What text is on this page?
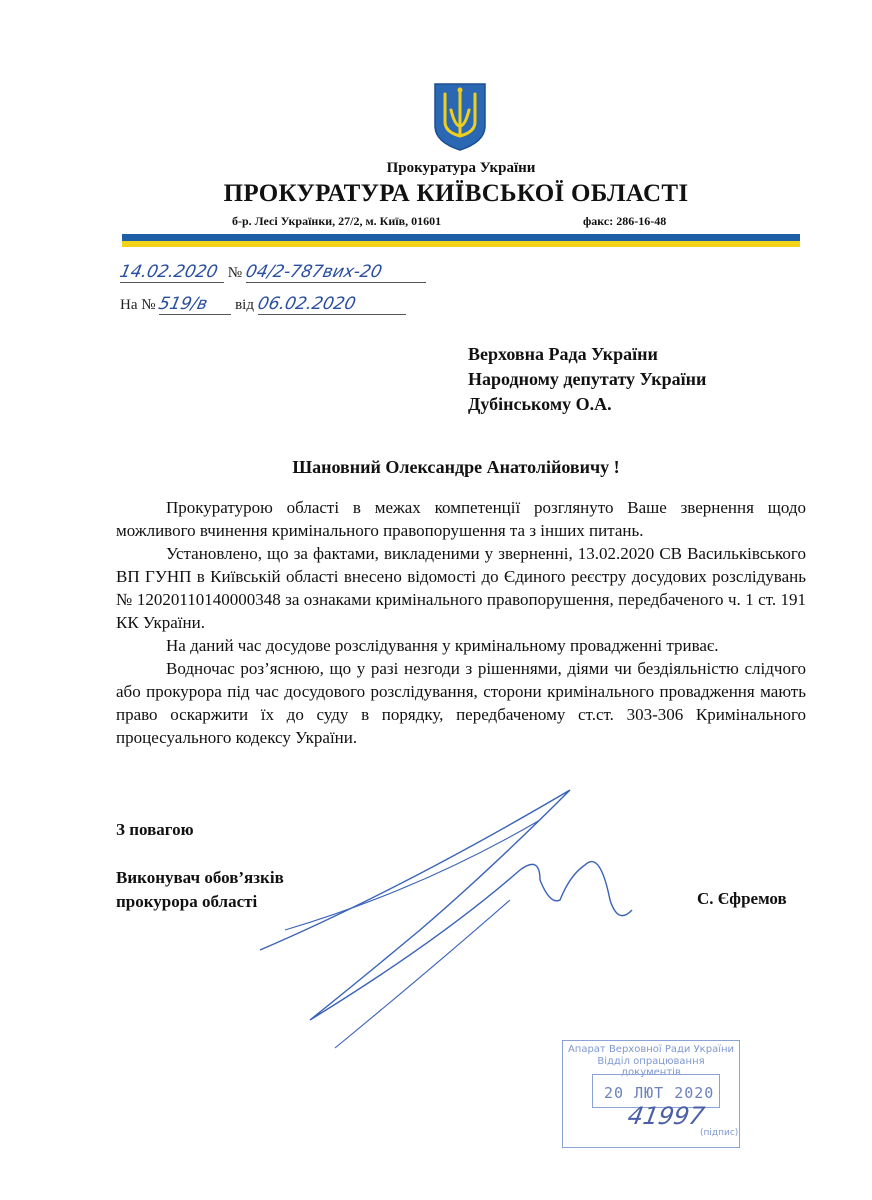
Прокуратура України
ПРОКУРАТУРА КИЇВСЬКОЇ ОБЛАСТІ
б-р. Лесі Українки, 27/2, м. Київ, 01601	факс: 286-16-48
14.02.2020 № 04/2-787вих-20
На № 519/в від 06.02.2020
Верховна Рада України
Народному депутату України
Дубінському О.А.
Шановний Олександре Анатолійовичу !

Прокуратурою області в межах компетенції розглянуто Ваше звернення щодо можливого вчинення кримінального правопорушення та з інших питань.

Установлено, що за фактами, викладеними у зверненні, 13.02.2020 СВ Васильківського ВП ГУНП в Київській області внесено відомості до Єдиного реєстру досудових розслідувань № 12020110140000348 за ознаками кримінального правопорушення, передбаченого ч. 1 ст. 191 КК України.

На даний час досудове розслідування у кримінальному провадженні триває.

Водночас роз’яснюю, що у разі незгоди з рішеннями, діями чи бездіяльністю слідчого або прокурора під час досудового розслідування, сторони кримінального провадження мають право оскаржити їх до суду в порядку, передбаченому ст.ст. 303-306 Кримінального процесуального кодексу України.

З повагою
Виконувач обов’язків
прокурора області	С. Єфремов
Апарат Верховної Ради України
Відділ опрацювання документів
20 ЛЮТ 2020
41997
(підпис)
